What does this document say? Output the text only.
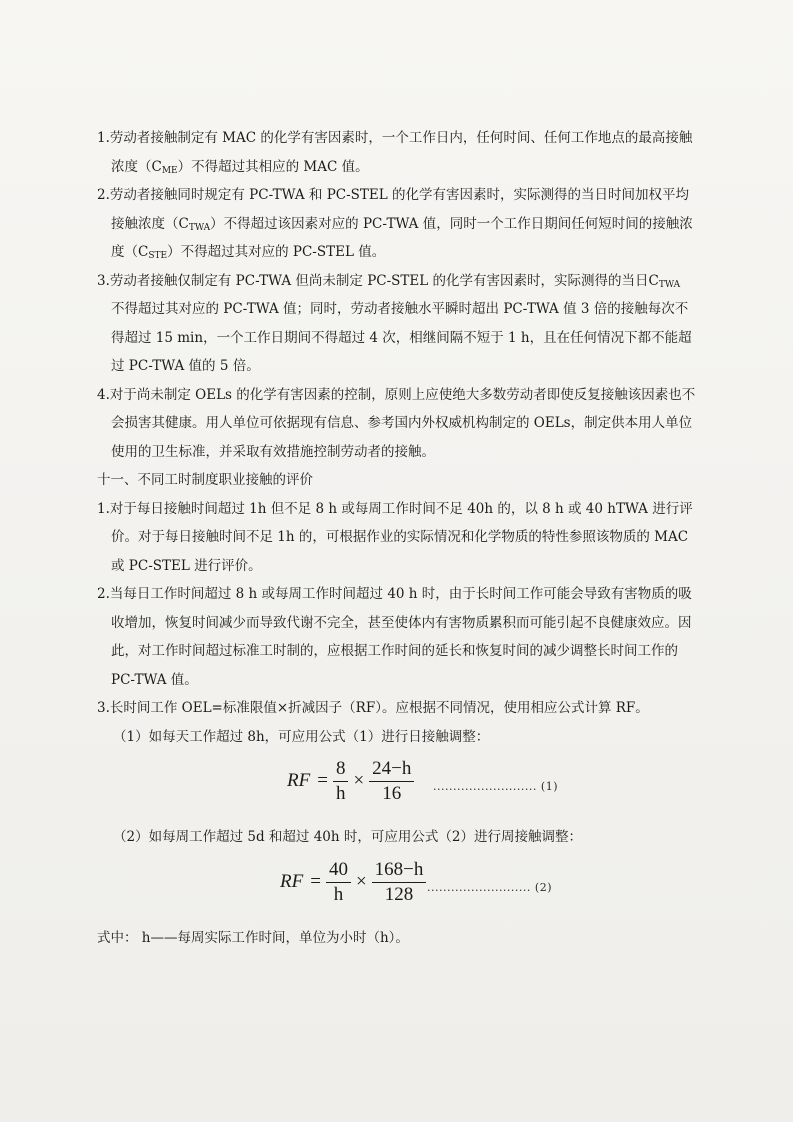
1.劳动者接触制定有 MAC 的化学有害因素时，一个工作日内，任何时间、任何工作地点的最高接触浓度$(C_{ME})$不得超过其相应的 MAC 值。

2.劳动者接触同时规定有 PC-TWA 和 PC-STEL 的化学有害因素时，实际测得的当日时间加权平均接触浓度$(C_{TWA})$不得超过该因素对应的 PC-TWA 值，同时一个工作日期间任何短时间的接触浓度$(C_{STE})$不得超过其对应的 PC-STEL 值。

3.劳动者接触仅制定有 PC-TWA 但尚未制定 PC-STEL 的化学有害因素时，实际测得的当日$C_{TWA}$ 不得超过其对应的 PC-TWA 值；同时，劳动者接触水平瞬时超出 PC-TWA 值 3 倍的接触每次不得超过 15 min，一个工作日期间不得超过 4 次，相继间隔不短于 1 h，且在任何情况下都不能超过 PC-TWA 值的 5 倍。

4.对于尚未制定 OELs 的化学有害因素的控制，原则上应使绝大多数劳动者即使反复接触该因素也不会损害其健康。用人单位可依据现有信息、参考国内外权威机构制定的 OELs，制定供本用人单位使用的卫生标准，并采取有效措施控制劳动者的接触。

十一、不同工时制度职业接触的评价

1.对于每日接触时间超过 1h 但不足 8 h 或每周工作时间不足 40h 的，以 8 h 或 40 hTWA 进行评价。对于每日接触时间不足 1h 的，可根据作业的实际情况和化学物质的特性参照该物质的 MAC 或 PC-STEL 进行评价。

2.当每日工作时间超过 8 h 或每周工作时间超过 40 h 时，由于长时间工作可能会导致有害物质的吸收增加，恢复时间减少而导致代谢不完全，甚至使体内有害物质累积而可能引起不良健康效应。因此，对工作时间超过标准工时制的，应根据工作时间的延长和恢复时间的减少调整长时间工作的 PC-TWA 值。

3.长时间工作 OEL=标准限值×折减因子（RF）。应根据不同情况，使用相应公式计算 RF。

（1）如每天工作超过 8h，可应用公式（1）进行日接触调整：

RF = $\frac{8}{h} \times \frac{24-h}{16}$ .......................... (1)

（2）如每周工作超过 5d 和超过 40h 时，可应用公式（2）进行周接触调整：

RF = $\frac{40}{h} \times \frac{168-h}{128}$ .......................... (2)

式中： h——每周实际工作时间，单位为小时（h）。
